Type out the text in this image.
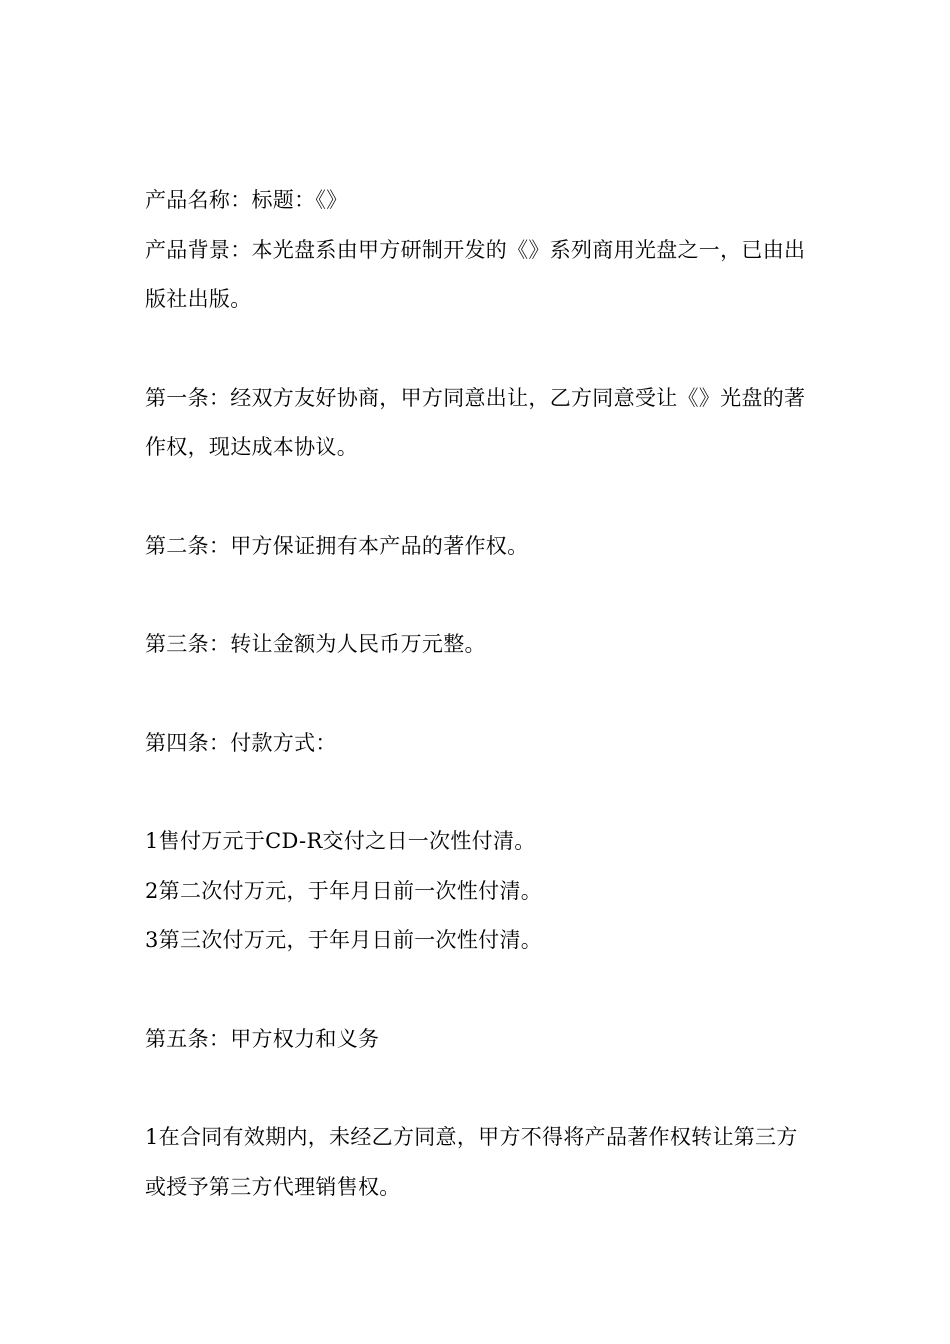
产品名称：标题：《》

产品背景：本光盘系由甲方研制开发的《》系列商用光盘之一，已由出版社出版。

第一条：经双方友好协商，甲方同意出让，乙方同意受让《》光盘的著作权，现达成本协议。

第二条：甲方保证拥有本产品的著作权。

第三条：转让金额为人民币万元整。

第四条：付款方式：

1售付万元于CD-R交付之日一次性付清。

2第二次付万元，于年月日前一次性付清。

3第三次付万元，于年月日前一次性付清。

第五条：甲方权力和义务

1在合同有效期内，未经乙方同意，甲方不得将产品著作权转让第三方或授予第三方代理销售权。
